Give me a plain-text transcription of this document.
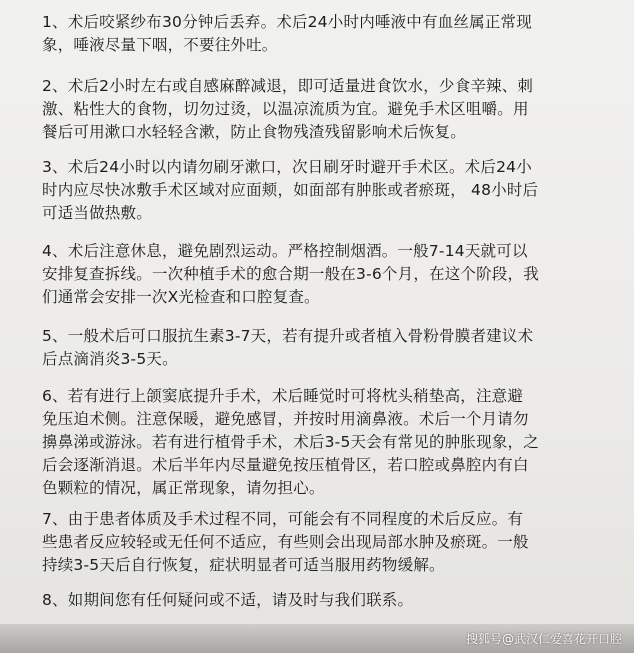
1、术后咬紧纱布30分钟后丢弃。术后24小时内唾液中有血丝属正常现
象，唾液尽量下咽，不要往外吐。
2、术后2小时左右或自感麻醉减退，即可适量进食饮水，少食辛辣、刺
激、粘性大的食物，切勿过烫，以温凉流质为宜。避免手术区咀嚼。用
餐后可用漱口水轻轻含漱，防止食物残渣残留影响术后恢复。
3、术后24小时以内请勿刷牙漱口，次日刷牙时避开手术区。术后24小
时内应尽快冰敷手术区域对应面颊，如面部有肿胀或者瘀斑， 48小时后
可适当做热敷。
4、术后注意休息，避免剧烈运动。严格控制烟酒。一般7-14天就可以
安排复查拆线。一次种植手术的愈合期一般在3-6个月，在这个阶段，我
们通常会安排一次X光检查和口腔复查。
5、一般术后可口服抗生素3-7天，若有提升或者植入骨粉骨膜者建议术
后点滴消炎3-5天。
6、若有进行上颌窦底提升手术，术后睡觉时可将枕头稍垫高，注意避
免压迫术侧。注意保暖，避免感冒，并按时用滴鼻液。术后一个月请勿
擤鼻涕或游泳。若有进行植骨手术，术后3-5天会有常见的肿胀现象，之
后会逐渐消退。术后半年内尽量避免按压植骨区，若口腔或鼻腔内有白
色颗粒的情况，属正常现象，请勿担心。
7、由于患者体质及手术过程不同，可能会有不同程度的术后反应。有
些患者反应较轻或无任何不适应，有些则会出现局部水肿及瘀斑。一般
持续3-5天后自行恢复，症状明显者可适当服用药物缓解。
8、如期间您有任何疑问或不适，请及时与我们联系。
搜狐号@武汉仁爱喜花开口腔
